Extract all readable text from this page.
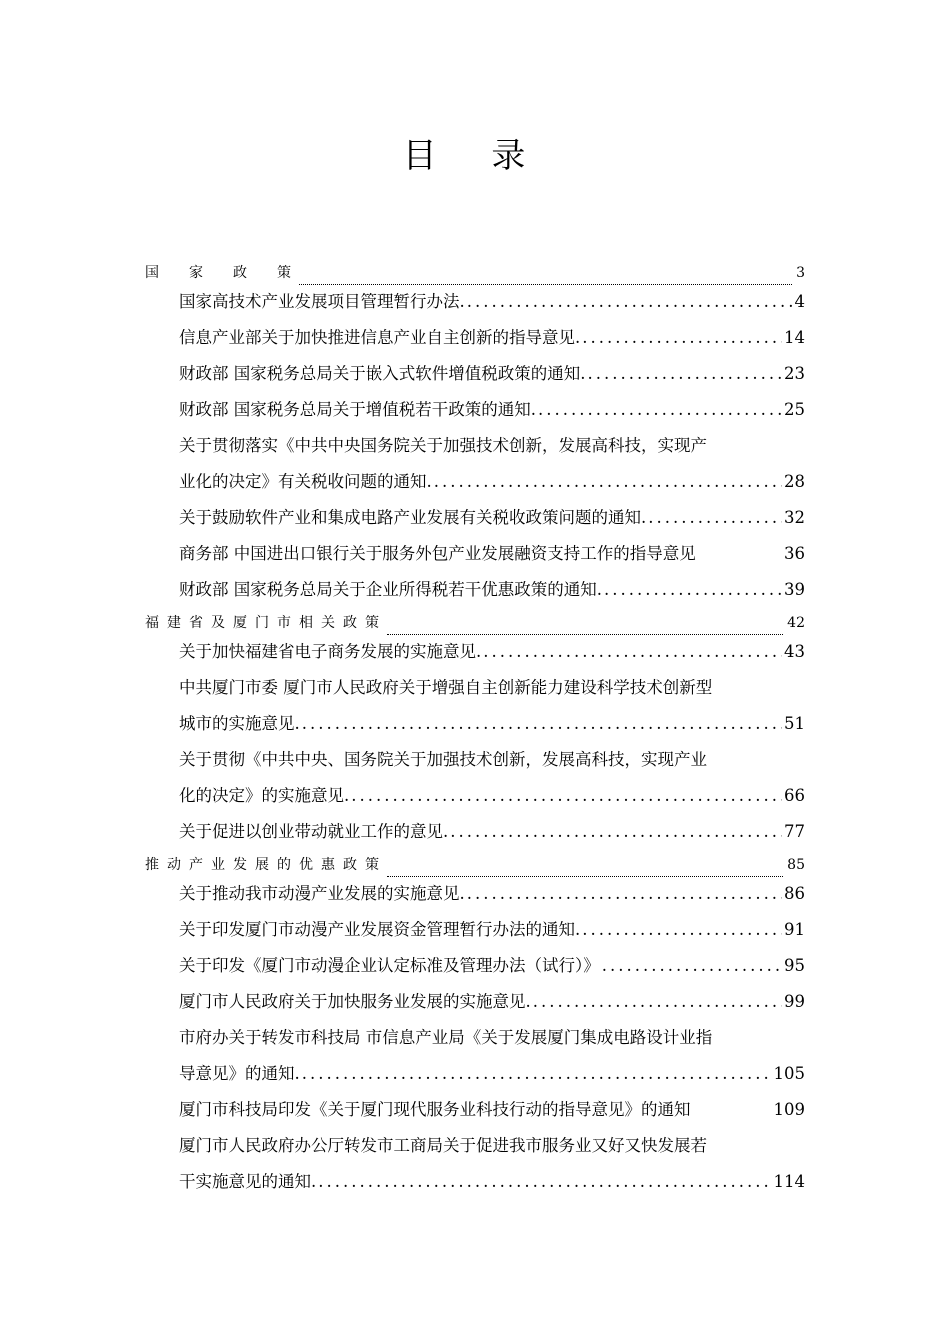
目 录
国　家　政　策	3
国家高技术产业发展项目管理暂行办法. .....	4
信息产业部关于加快推进信息产业自主创新的指导意见. .....	14
财政部 国家税务总局关于嵌入式软件增值税政策的通知. .....	23
财政部 国家税务总局关于增值税若干政策的通知. .....	25
关于贯彻落实《中共中央国务院关于加强技术创新，发展高科技，实现产
业化的决定》有关税收问题的通知. .....	28
关于鼓励软件产业和集成电路产业发展有关税收政策问题的通知. .....	32
商务部 中国进出口银行关于服务外包产业发展融资支持工作的指导意见	36
财政部 国家税务总局关于企业所得税若干优惠政策的通知. .....	39
福建省及厦门市相关政策	42
关于加快福建省电子商务发展的实施意见. .....	43
中共厦门市委 厦门市人民政府关于增强自主创新能力建设科学技术创新型
城市的实施意见. .....	51
关于贯彻《中共中央、国务院关于加强技术创新，发展高科技，实现产业
化的决定》的实施意见. .....	66
关于促进以创业带动就业工作的意见. .....	77
推动产业发展的优惠政策	85
关于推动我市动漫产业发展的实施意见. .....	86
关于印发厦门市动漫产业发展资金管理暂行办法的通知. .....	91
关于印发《厦门市动漫企业认定标准及管理办法（试行）》 .....	95
厦门市人民政府关于加快服务业发展的实施意见. .....	99
市府办关于转发市科技局 市信息产业局《关于发展厦门集成电路设计业指
导意见》的通知. .....	105
厦门市科技局印发《关于厦门现代服务业科技行动的指导意见》的通知	109
厦门市人民政府办公厅转发市工商局关于促进我市服务业又好又快发展若
干实施意见的通知. .....	114
